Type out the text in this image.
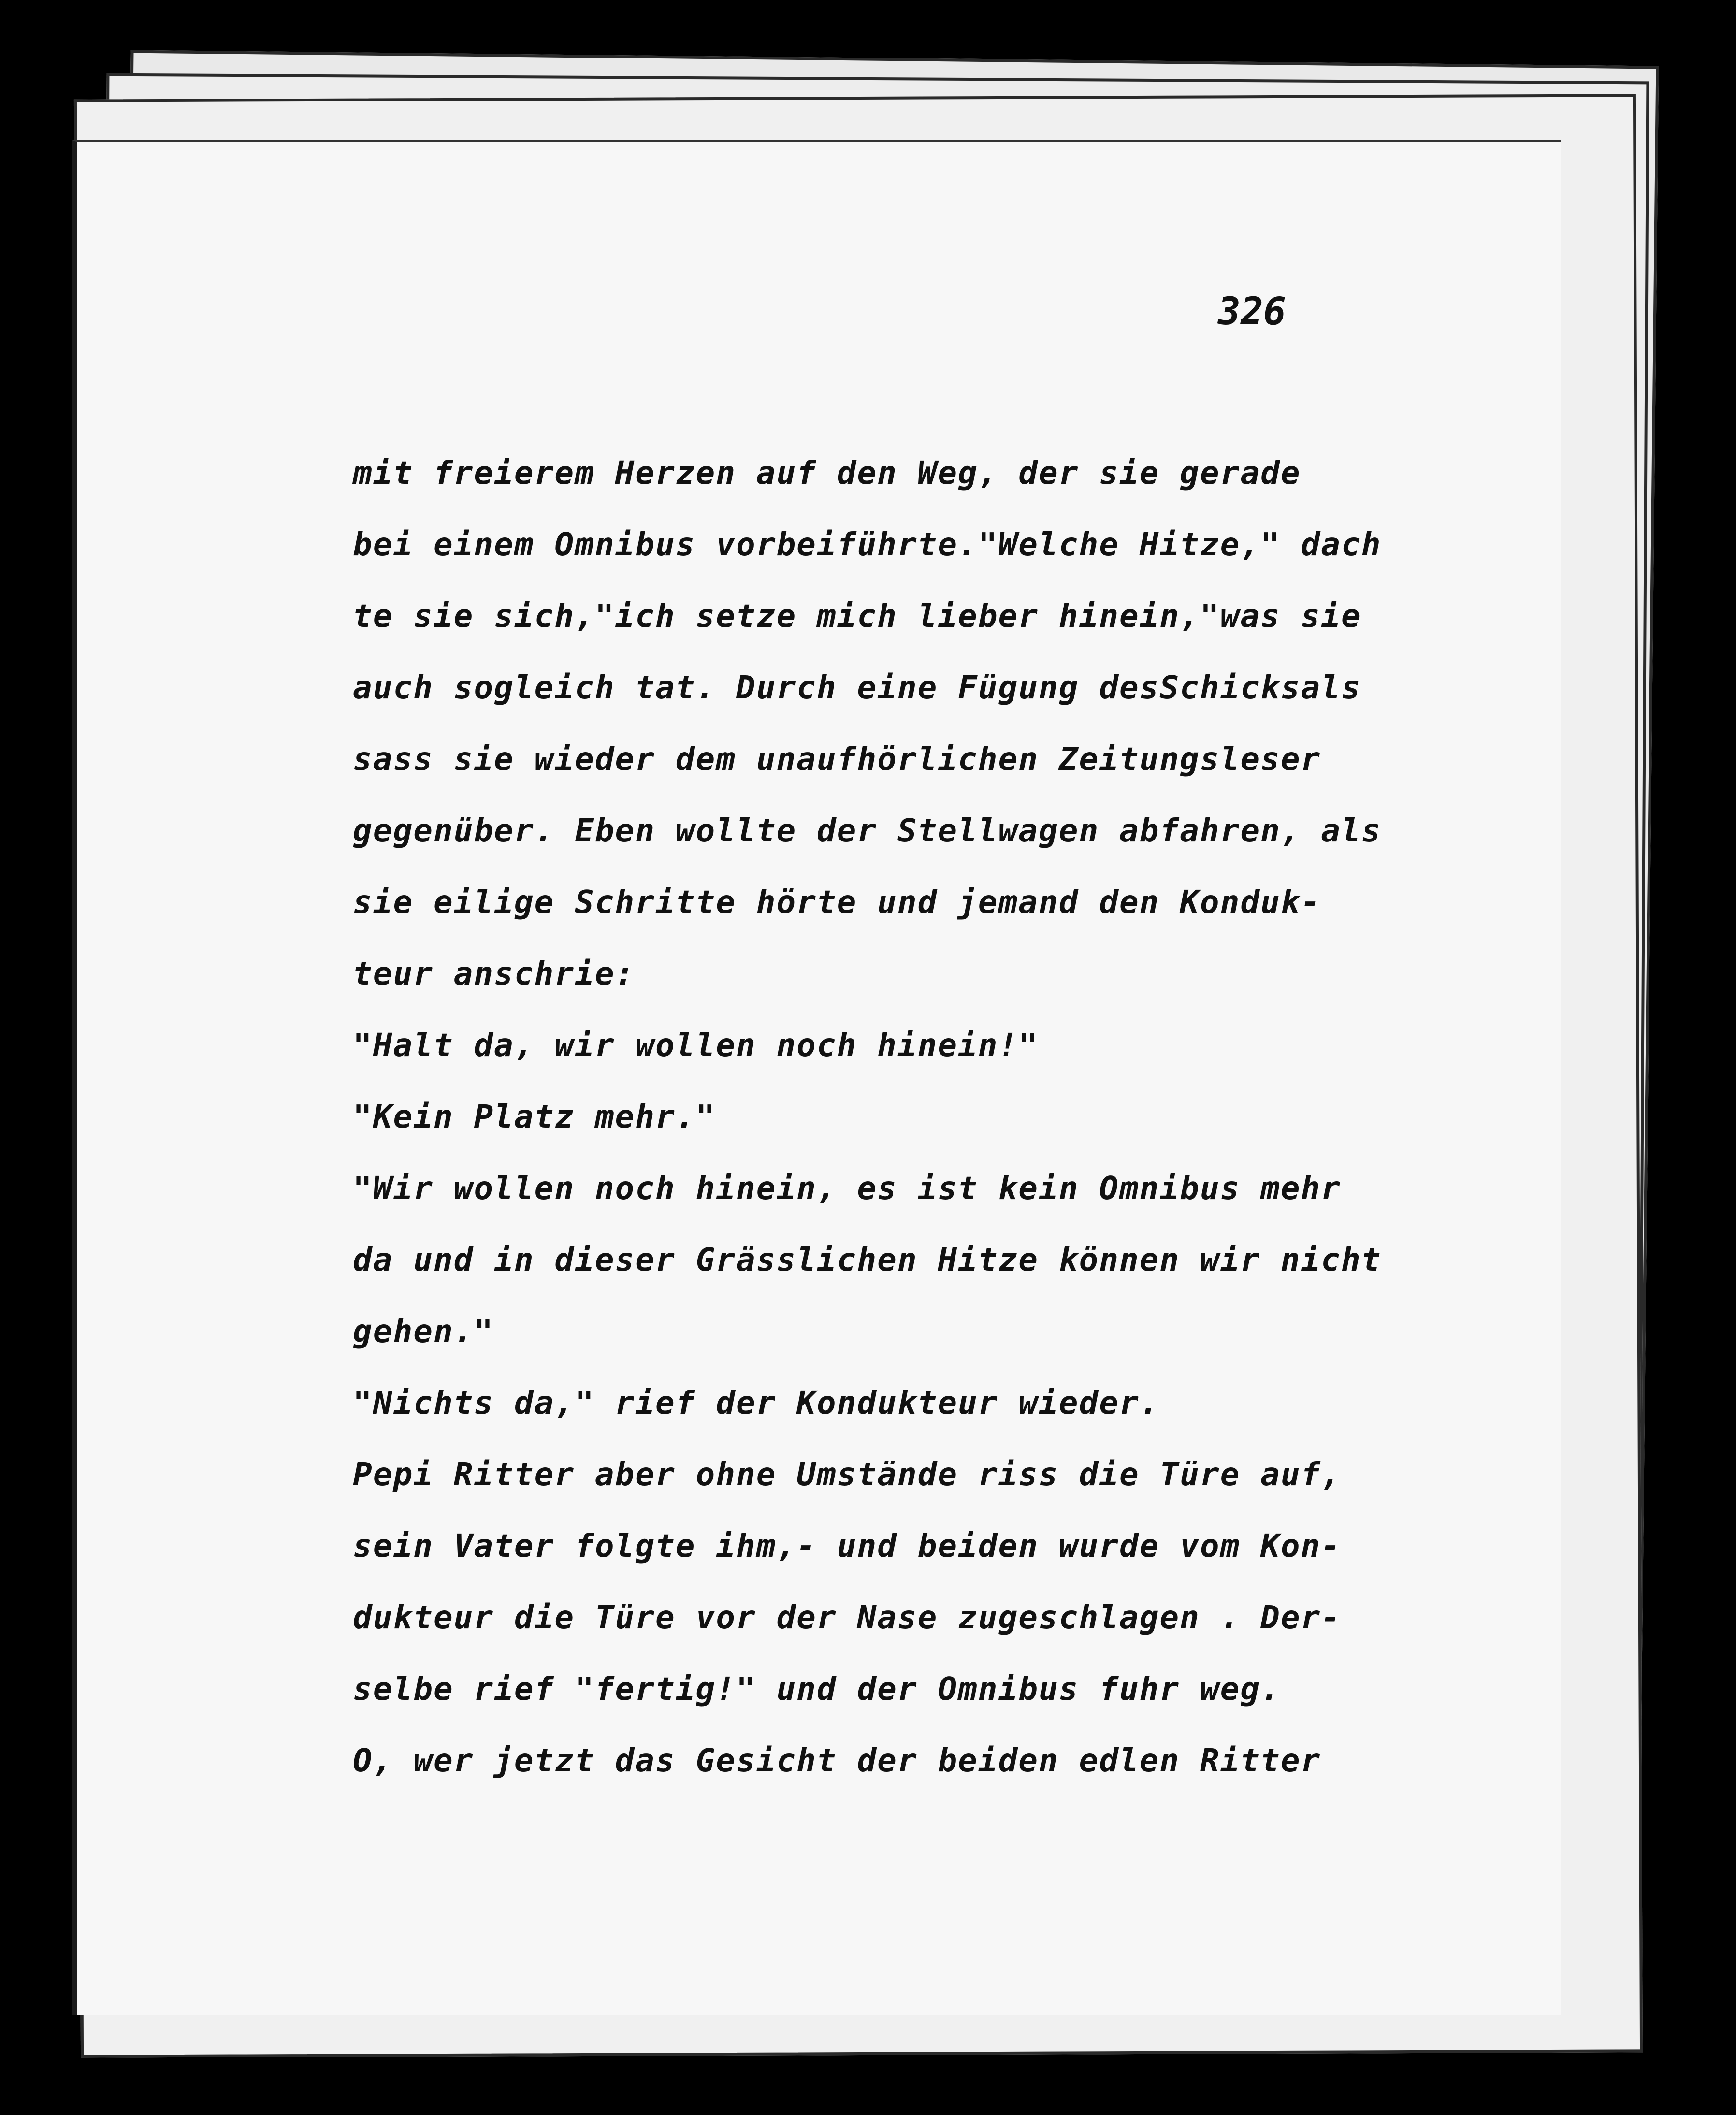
326
mit freierem Herzen auf den Weg, der sie gerade
bei einem Omnibus vorbeiführte."Welche Hitze," dach
te sie sich,"ich setze mich lieber hinein,"was sie
auch sogleich tat. Durch eine Fügung desSchicksals
sass sie wieder dem unaufhörlichen Zeitungsleser
gegenüber. Eben wollte der Stellwagen abfahren, als
sie eilige Schritte hörte und jemand den Konduk-
teur anschrie:
"Halt da, wir wollen noch hinein!"
"Kein Platz mehr."
"Wir wollen noch hinein, es ist kein Omnibus mehr
da und in dieser Grässlichen Hitze können wir nicht
gehen."
"Nichts da," rief der Kondukteur wieder.
Pepi Ritter aber ohne Umstände riss die Türe auf,
sein Vater folgte ihm,- und beiden wurde vom Kon-
dukteur die Türe vor der Nase zugeschlagen . Der-
selbe rief "fertig!" und der Omnibus fuhr weg.
O, wer jetzt das Gesicht der beiden edlen Ritter
